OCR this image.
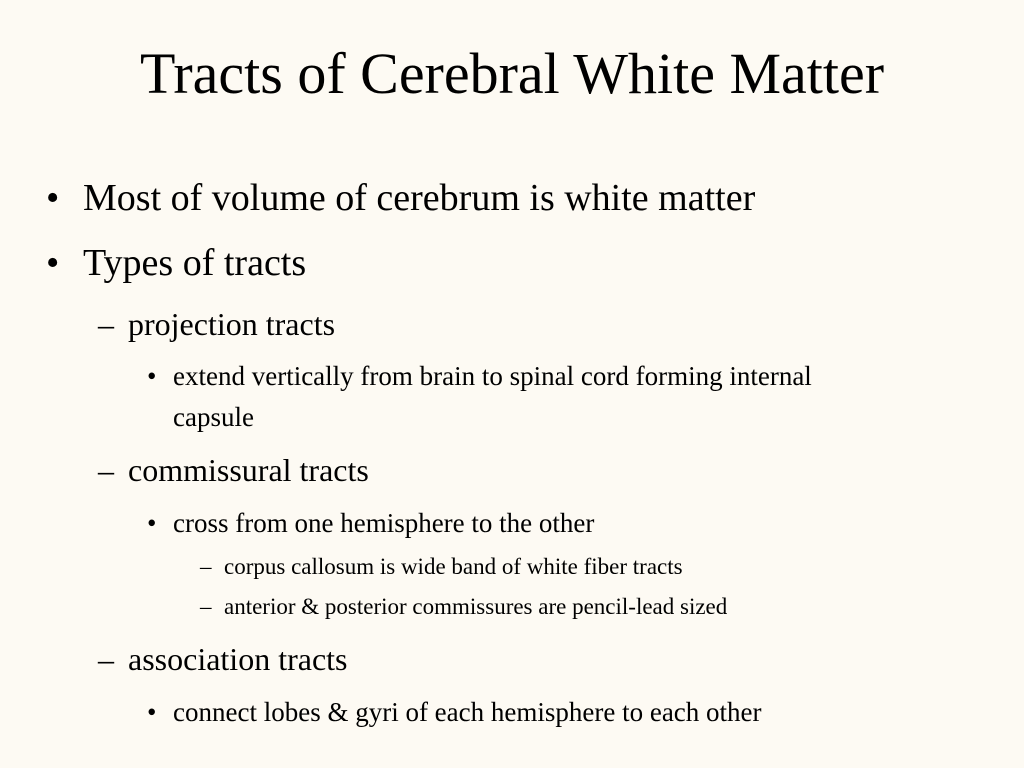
Tracts of Cerebral White Matter
• Most of volume of cerebrum is white matter
• Types of tracts
– projection tracts
• extend vertically from brain to spinal cord forming internal
capsule
– commissural tracts
• cross from one hemisphere to the other
– corpus callosum is wide band of white fiber tracts
– anterior & posterior commissures are pencil-lead sized
– association tracts
• connect lobes & gyri of each hemisphere to each other
